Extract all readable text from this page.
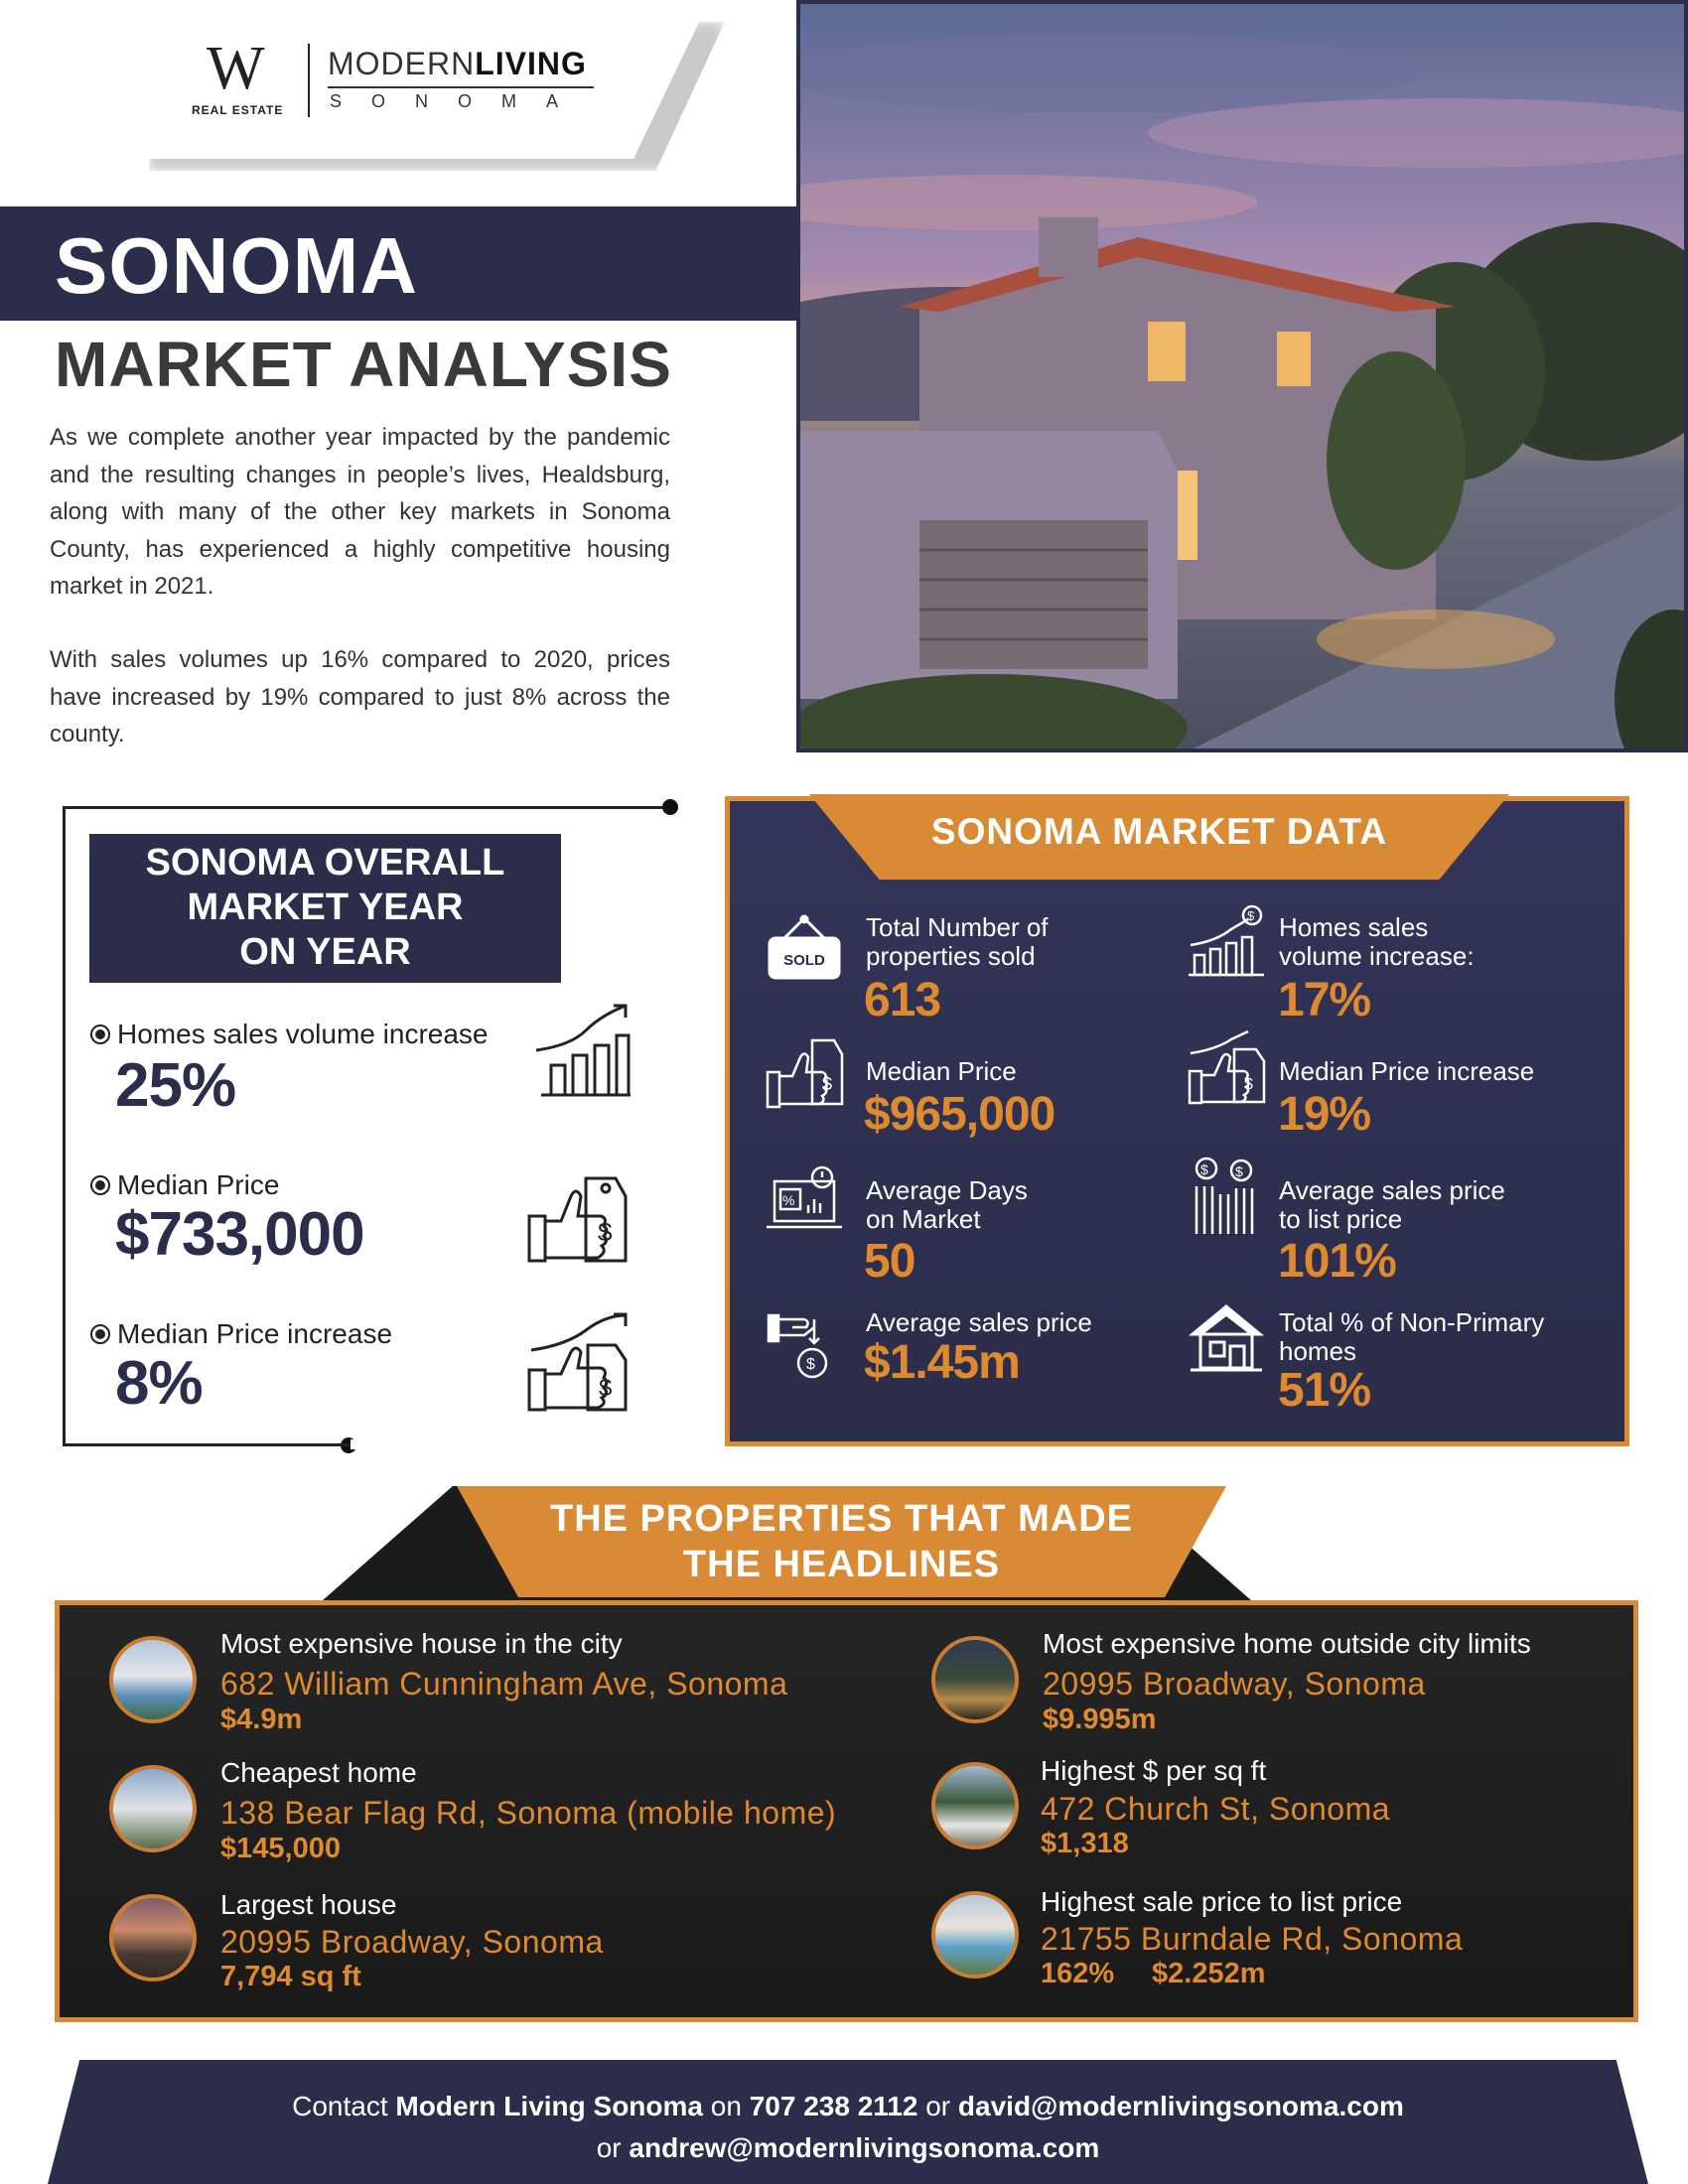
W
REAL ESTATE
MODERNLIVING
SONOMA
SONOMA
MARKET ANALYSIS

As we complete another year impacted by the pandemic and the resulting changes in people’s lives, Healdsburg, along with many of the other key markets in Sonoma County, has experienced a highly competitive housing market in 2021.

With sales volumes up 16% compared to 2020, prices have increased by 19% compared to just 8% across the county.

SONOMA OVERALL
MARKET YEAR
ON YEAR
Homes sales volume increase
25%
Median Price
$733,000	$
Median Price increase
8%	$
SONOMA MARKET DATA
SOLD
Total Number of
properties sold
613
$ Median Price
$965,000
%	Average Days
on Market
50
$
Average sales price
$1.45m
$ Homes sales
volume increase:
17%
$ Median Price increase
19%
$ $
Average sales price
to list price
101%
Total % of Non-Primary
homes
51%
THE PROPERTIES THAT MADE
THE HEADLINES
Most expensive house in the city
682 William Cunningham Ave, Sonoma
$4.9m
Cheapest home
138 Bear Flag Rd, Sonoma (mobile home)
$145,000
Largest house
20995 Broadway, Sonoma
7,794 sq ft
Most expensive home outside city limits
20995 Broadway, Sonoma
$9.995m
Highest $ per sq ft
472 Church St, Sonoma
$1,318
Highest sale price to list price
21755 Burndale Rd, Sonoma
162% $2.252m
Contact Modern Living Sonoma on 707 238 2112 or david@modernlivingsonoma.com
or andrew@modernlivingsonoma.com
